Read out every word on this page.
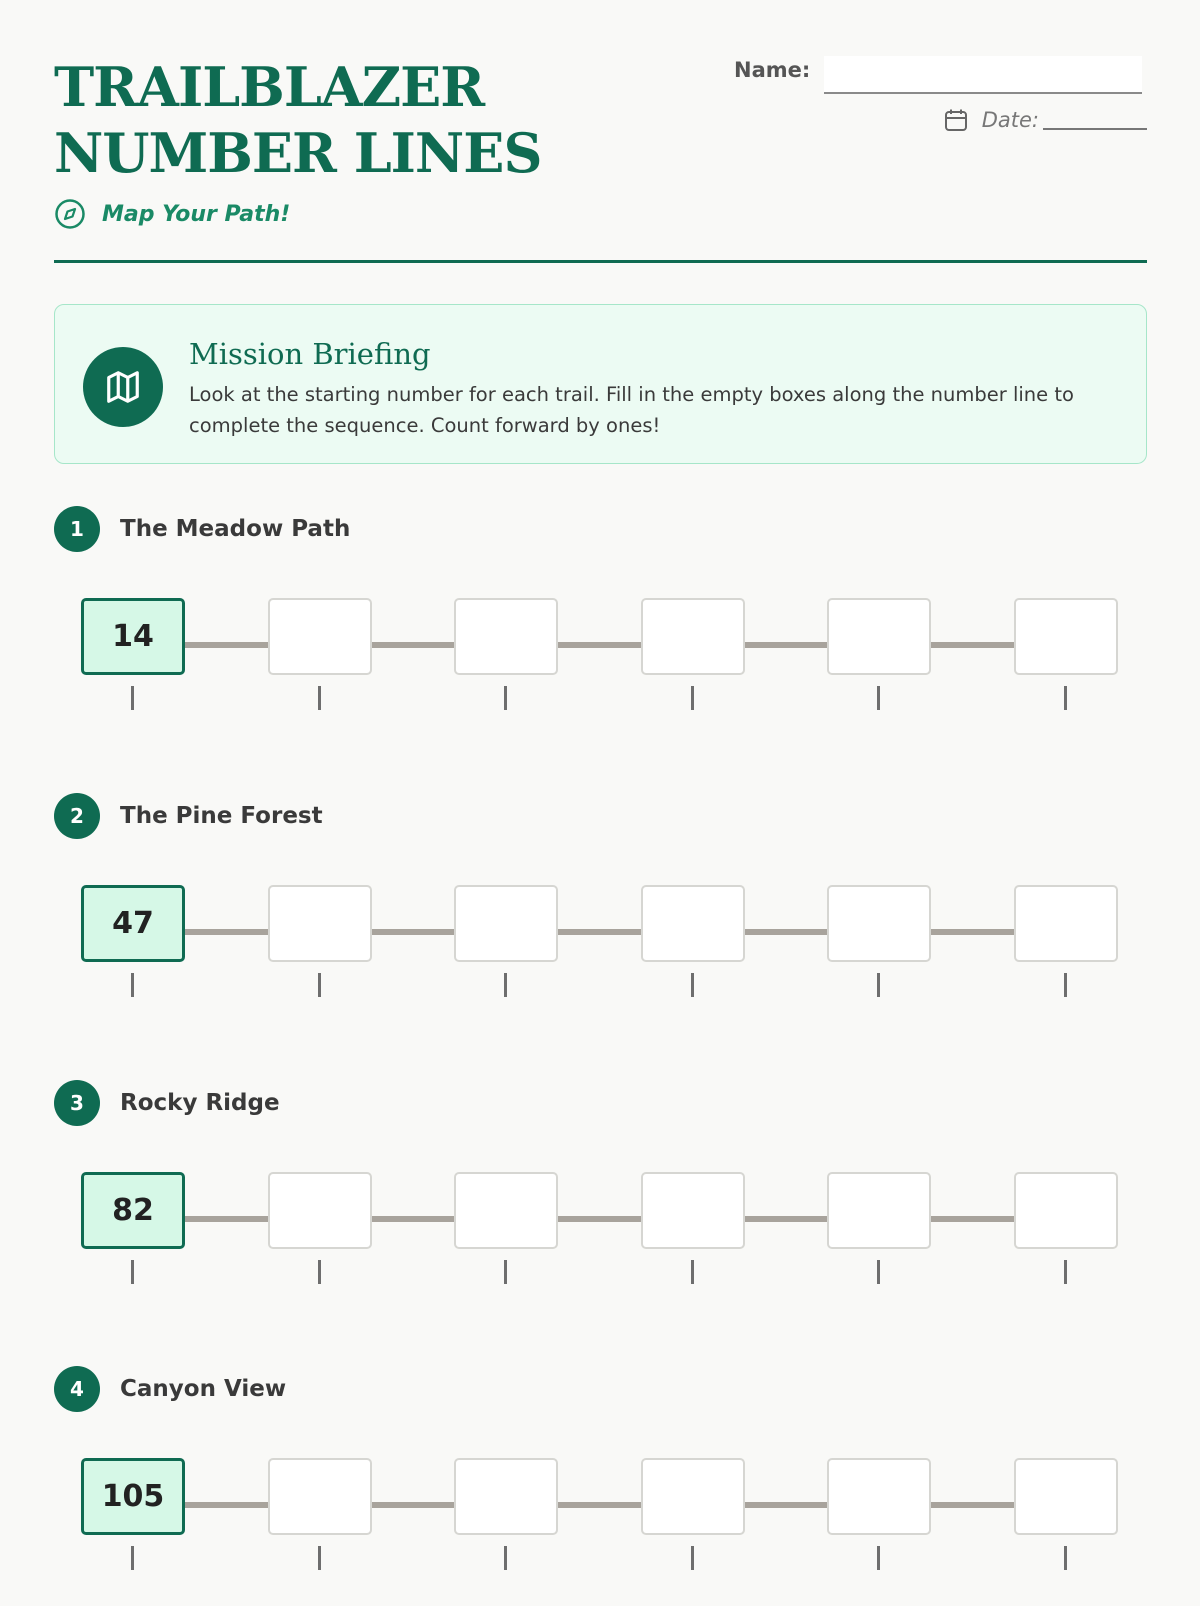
TRAILBLAZER NUMBER LINES
Map Your Path!
Name:
Date:
Mission Briefing
Look at the starting number for each trail. Fill in the empty boxes along the number line to complete the sequence. Count forward by ones!
1	The Meadow Path
14
2	The Pine Forest
47
3	Rocky Ridge
82
4	Canyon View
105
